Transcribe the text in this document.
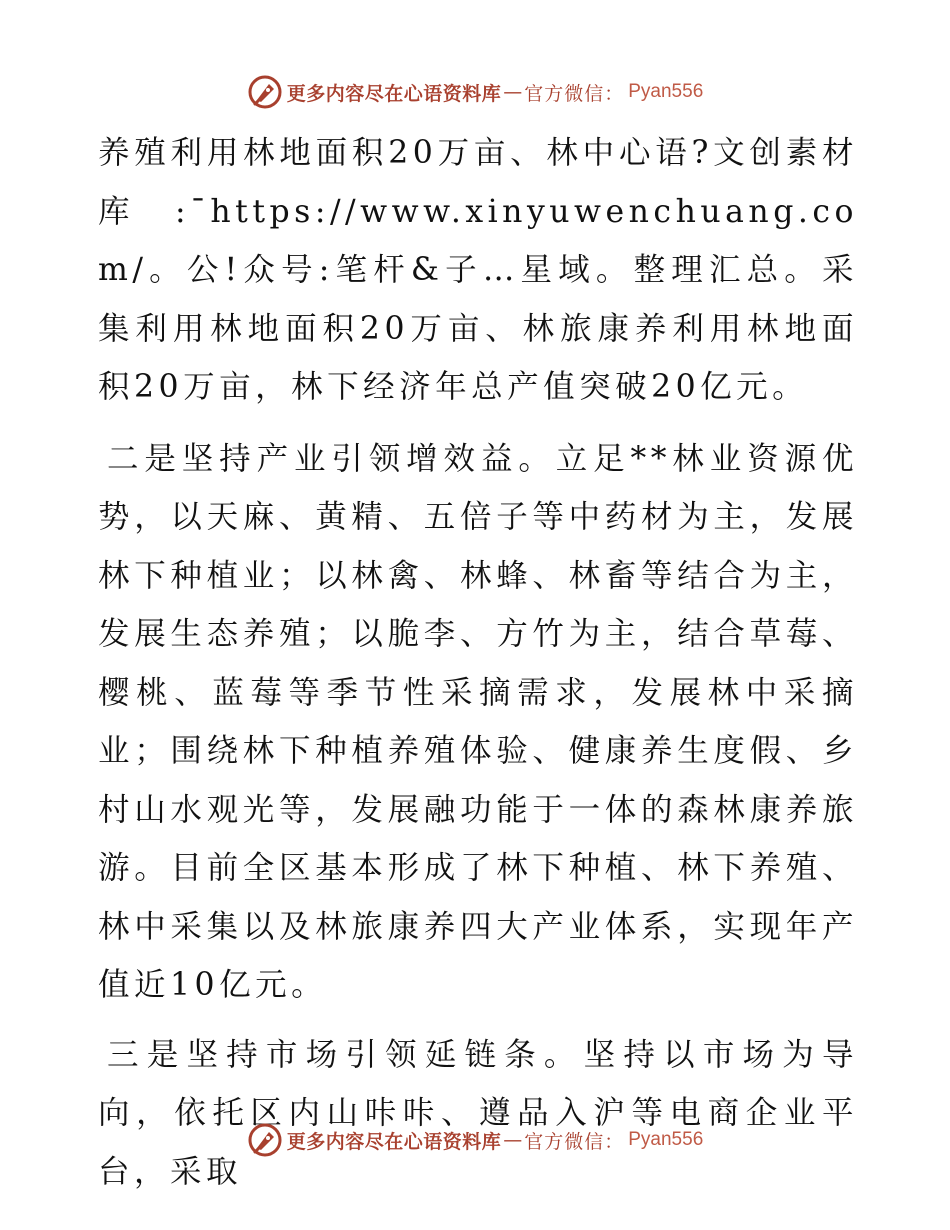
更多内容尽在心语资料库 — 官方微信： Pyan556

养殖利用林地面积20万亩、林中心语?文创素材库:¯https://www.xinyuwenchuang.com/。公!众号:笔杆&子…星域。整理汇总。采集利用林地面积20万亩、林旅康养利用林地面积20万亩，林下经济年总产值突破20亿元。

二是坚持产业引领增效益。立足**林业资源优势，以天麻、黄精、五倍子等中药材为主，发展林下种植业；以林禽、林蜂、林畜等结合为主，发展生态养殖；以脆李、方竹为主，结合草莓、樱桃、蓝莓等季节性采摘需求，发展林中采摘业；围绕林下种植养殖体验、健康养生度假、乡村山水观光等，发展融功能于一体的森林康养旅游。目前全区基本形成了林下种植、林下养殖、林中采集以及林旅康养四大产业体系，实现年产值近10亿元。

三是坚持市场引领延链条。坚持以市场为导向，依托区内山咔咔、遵品入沪等电商企业平台，采取

更多内容尽在心语资料库 — 官方微信： Pyan556
